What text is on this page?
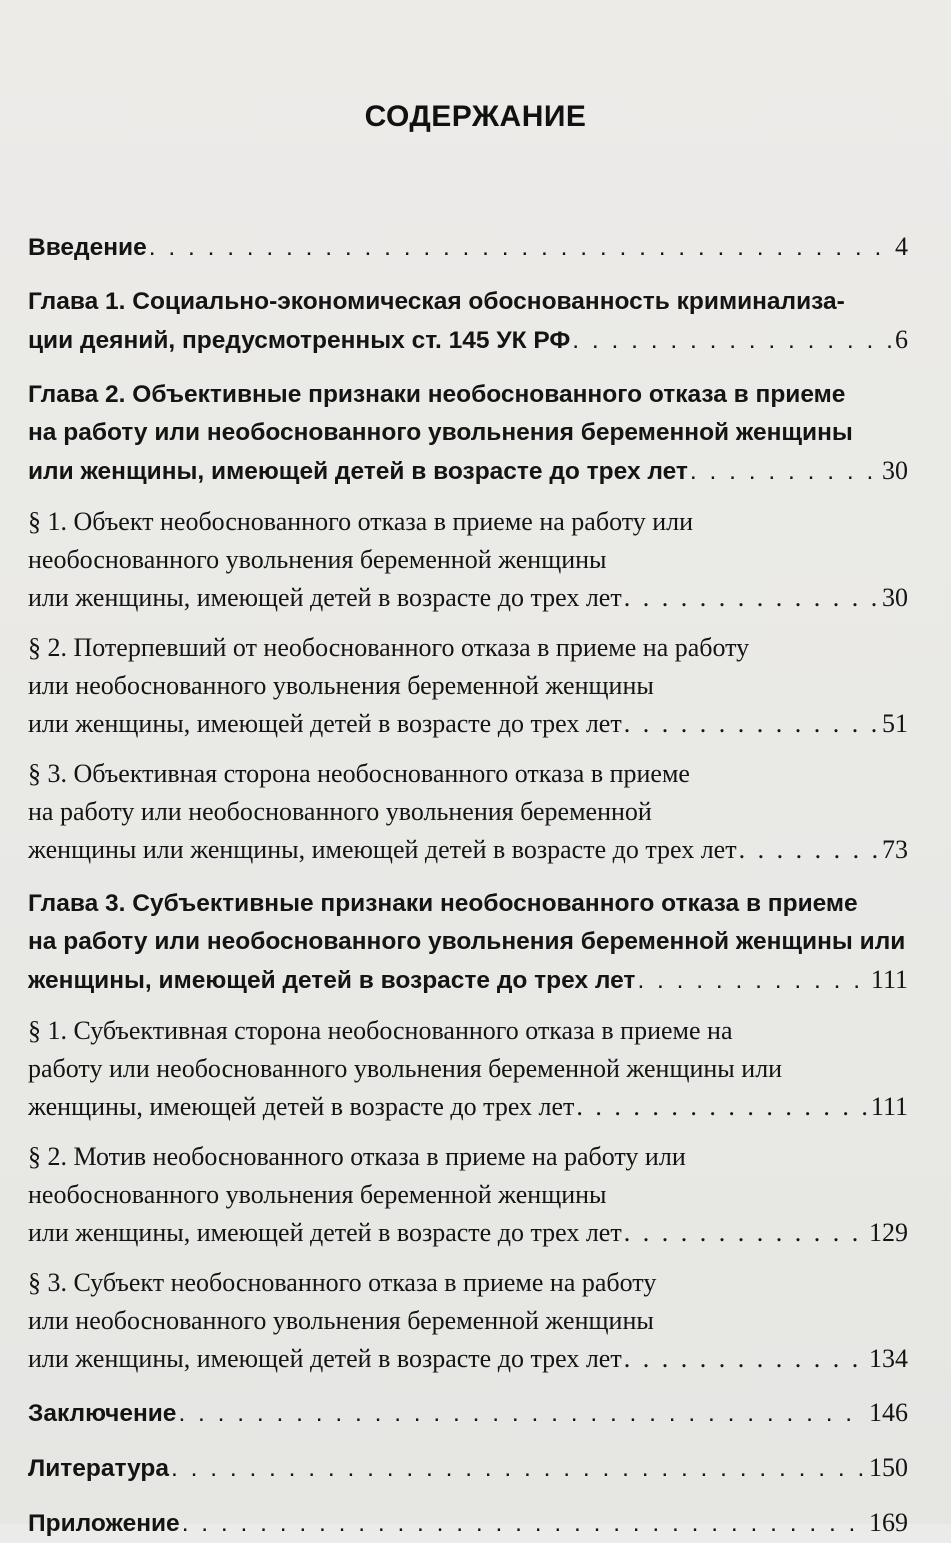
СОДЕРЖАНИЕ
Введение . . .	4
Глава 1. Социально-экономическая обоснованность криминализа-
ции деяний, предусмотренных ст. 145 УК РФ . . .	6
Глава 2. Объективные признаки необоснованного отказа в приеме
на работу или необоснованного увольнения беременной женщины
или женщины, имеющей детей в возрасте до трех лет . . .	30
§ 1. Объект необоснованного отказа в приеме на работу или
необоснованного увольнения беременной женщины
или женщины, имеющей детей в возрасте до трех лет . . .	30
§ 2. Потерпевший от необоснованного отказа в приеме на работу
или необоснованного увольнения беременной женщины
или женщины, имеющей детей в возрасте до трех лет . . .	51
§ 3. Объективная сторона необоснованного отказа в приеме
на работу или необоснованного увольнения беременной
женщины или женщины, имеющей детей в возрасте до трех лет . . .	73
Глава 3. Субъективные признаки необоснованного отказа в приеме
на работу или необоснованного увольнения беременной женщины или
женщины, имеющей детей в возрасте до трех лет . . .	111
§ 1. Субъективная сторона необоснованного отказа в приеме на
работу или необоснованного увольнения беременной женщины или
женщины, имеющей детей в возрасте до трех лет . . .	111
§ 2. Мотив необоснованного отказа в приеме на работу или
необоснованного увольнения беременной женщины
или женщины, имеющей детей в возрасте до трех лет . . .	129
§ 3. Субъект необоснованного отказа в приеме на работу
или необоснованного увольнения беременной женщины
или женщины, имеющей детей в возрасте до трех лет . . .	134
Заключение . . .	146
Литература . . .	150
Приложение . . .	169
